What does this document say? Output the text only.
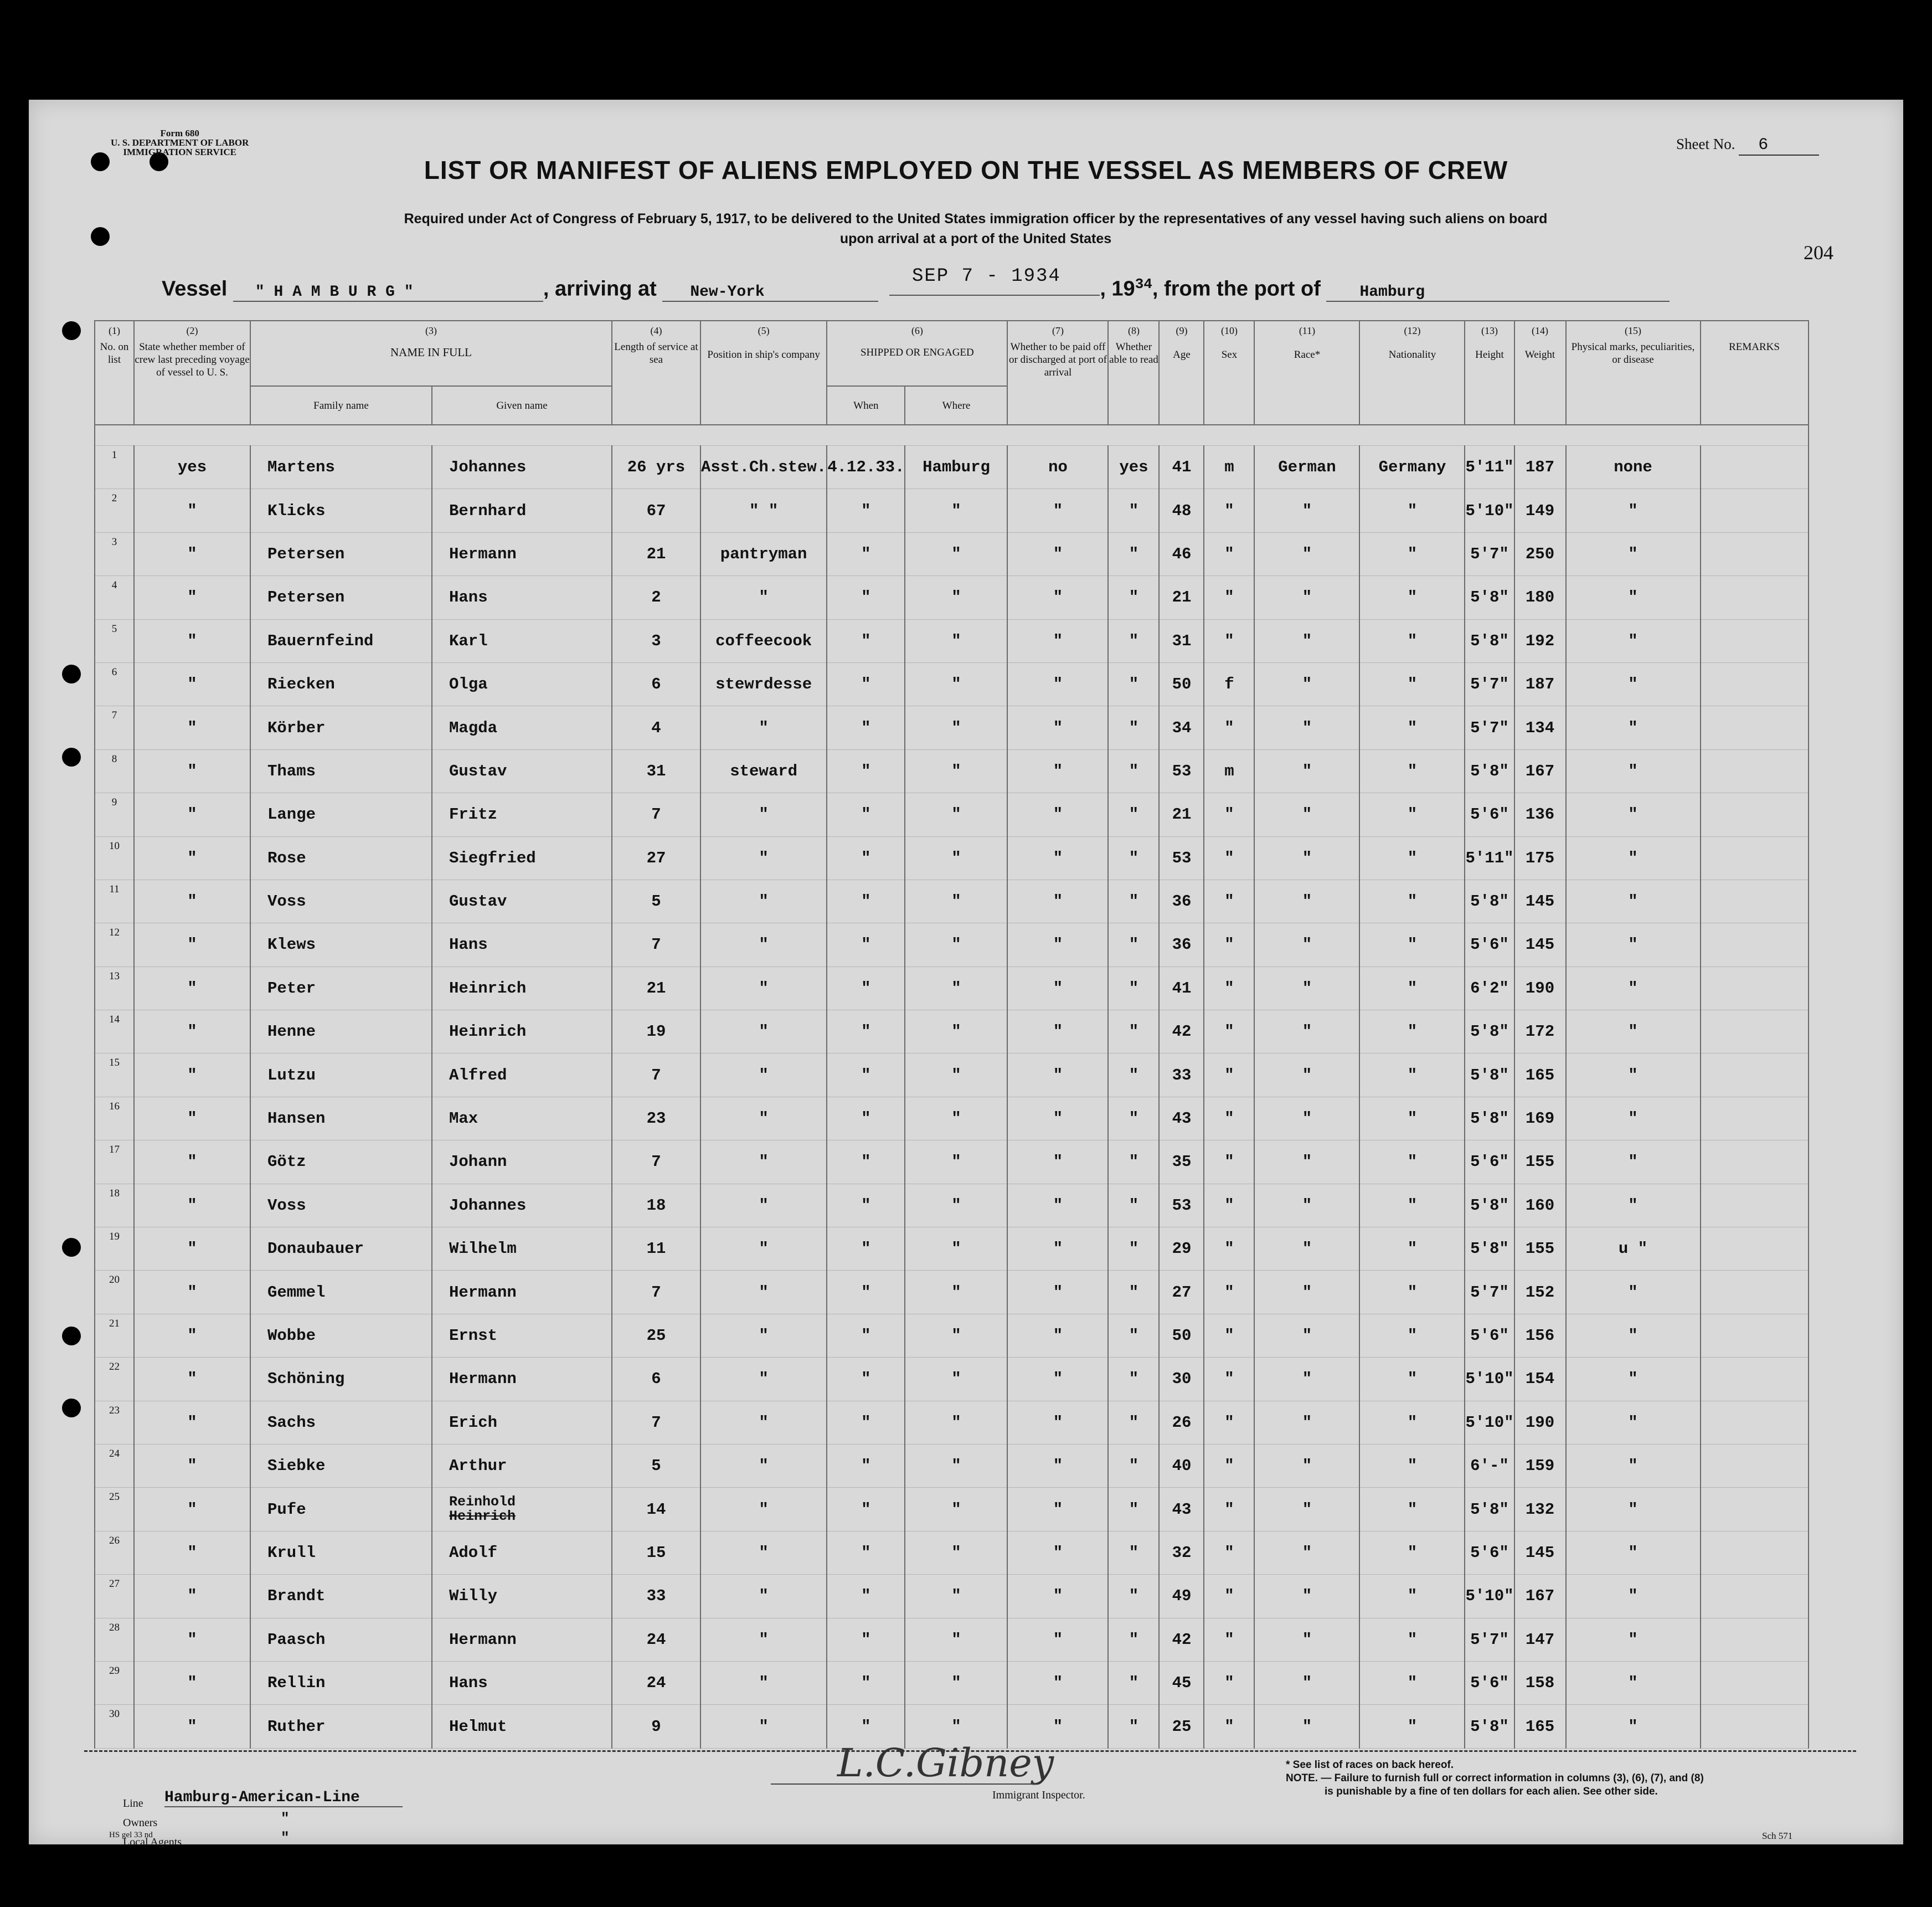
Form 680
U. S. DEPARTMENT OF LABOR
IMMIGRATION SERVICE	Sheet No. 6
LIST OR MANIFEST OF ALIENS EMPLOYED ON THE VESSEL AS MEMBERS OF CREW
Required under Act of Congress of February 5, 1917, to be delivered to the United States immigration officer by the representatives of any vessel having such aliens on board
upon arrival at a port of the United States
204
SEP 7 - 1934
Vessel " H A M B U R G "	, arriving at New-York	, $19^{34}$, from the port of	Hamburg
(1)
No. on list	(2)
State whether member of crew last preceding voyage of vessel to U. S.	(3)
NAME IN FULL		(4)
Length of service at sea	(5)
Position in ship's company	(6)
SHIPPED OR ENGAGED		(7)
Whether to be paid off or discharged at port of arrival	(8)
Whether able to read	(9)
Age	(10)
Sex	(11)
Race*	(12)
Nationality	(13)
Height	(14)
Weight	(15)
Physical marks, peculiarities, or disease	REMARKS

		Family name	Given name			When	Where										

1	yes	Martens	Johannes	26 yrs	Asst.Ch.stew.	4.12.33.	Hamburg	no	yes	41	m	German	Germany	5'11"	187	none	
2	"	Klicks	Bernhard	67	" "	"	"	"	"	48	"	"	"	5'10"	149	"	
3	"	Petersen	Hermann	21	pantryman	"	"	"	"	46	"	"	"	5'7"	250	"	
4	"	Petersen	Hans	2	"	"	"	"	"	21	"	"	"	5'8"	180	"	
5	"	Bauernfeind	Karl	3	coffeecook	"	"	"	"	31	"	"	"	5'8"	192	"	
6	"	Riecken	Olga	6	stewrdesse	"	"	"	"	50	f	"	"	5'7"	187	"	
7	"	Körber	Magda	4	"	"	"	"	"	34	"	"	"	5'7"	134	"	
8	"	Thams	Gustav	31	steward	"	"	"	"	53	m	"	"	5'8"	167	"	
9	"	Lange	Fritz	7	"	"	"	"	"	21	"	"	"	5'6"	136	"	
10	"	Rose	Siegfried	27	"	"	"	"	"	53	"	"	"	5'11"	175	"	
11	"	Voss	Gustav	5	"	"	"	"	"	36	"	"	"	5'8"	145	"	
12	"	Klews	Hans	7	"	"	"	"	"	36	"	"	"	5'6"	145	"	
13	"	Peter	Heinrich	21	"	"	"	"	"	41	"	"	"	6'2"	190	"	
14	"	Henne	Heinrich	19	"	"	"	"	"	42	"	"	"	5'8"	172	"	
15	"	Lutzu	Alfred	7	"	"	"	"	"	33	"	"	"	5'8"	165	"	
16	"	Hansen	Max	23	"	"	"	"	"	43	"	"	"	5'8"	169	"	
17	"	Götz	Johann	7	"	"	"	"	"	35	"	"	"	5'6"	155	"	
18	"	Voss	Johannes	18	"	"	"	"	"	53	"	"	"	5'8"	160	"	
19	"	Donaubauer	Wilhelm	11	"	"	"	"	"	29	"	"	"	5'8"	155	u "	
20	"	Gemmel	Hermann	7	"	"	"	"	"	27	"	"	"	5'7"	152	"	
21	"	Wobbe	Ernst	25	"	"	"	"	"	50	"	"	"	5'6"	156	"	
22	"	Schöning	Hermann	6	"	"	"	"	"	30	"	"	"	5'10"	154	"	
23	"	Sachs	Erich	7	"	"	"	"	"	26	"	"	"	5'10"	190	"	
24	"	Siebke	Arthur	5	"	"	"	"	"	40	"	"	"	6'-"	159	"	
25	"	Pufe	Reinhold
Heinrich	14	"	"	"	"	"	43	"	"	"	5'8"	132	"	
26	"	Krull	Adolf	15	"	"	"	"	"	32	"	"	"	5'6"	145	"	
27	"	Brandt	Willy	33	"	"	"	"	"	49	"	"	"	5'10"	167	"	
28	"	Paasch	Hermann	24	"	"	"	"	"	42	"	"	"	5'7"	147	"	
29	"	Rellin	Hans	24	"	"	"	"	"	45	"	"	"	5'6"	158	"	
30	"	Ruther	Helmut	9	"	"	"	"	"	25	"	"	"	5'8"	165	"	
Line Hamburg-American-Line
Owners	"
Local Agents	"
L.C.Gibney
Immigrant Inspector.
* See list of races on back hereof.
NOTE. — Failure to furnish full or correct information in columns (3), (6), (7), and (8)
is punishable by a fine of ten dollars for each alien. See other side.
HS gel 33 nd	Sch 571
